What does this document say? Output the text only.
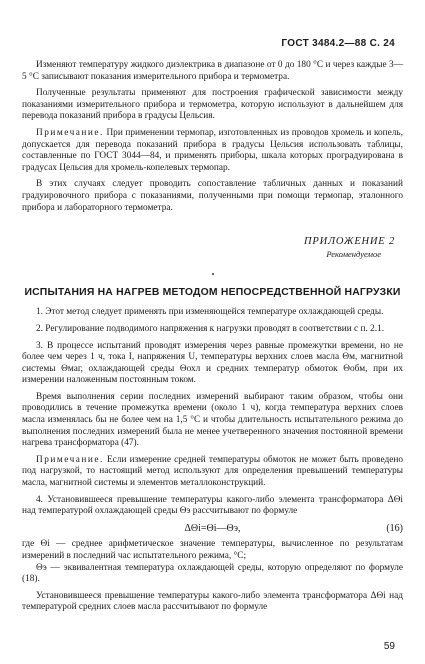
ГОСТ 3484.2—88 С. 24

Изменяют температуру жидкого диэлектрика в диапазоне от 0 до 180 °С и через каждые 3—5 °С записывают показания измерительного прибора и термометра.

Полученные результаты применяют для построения графической зависимости между показаниями измерительного прибора и термометра, которую используют в дальнейшем для перевода показаний прибора в градусы Цельсия.

Примечание. При применении термопар, изготовленных из проводов хромель и копель, допускается для перевода показаний прибора в градусы Цельсия использовать таблицы, составленные по ГОСТ 3044—84, и применять приборы, шкала которых проградуирована в градусах Цельсия для хромель-копелевых термопар.

В этих случаях следует проводить сопоставление табличных данных и показаний градуировочного прибора с показаниями, полученными при помощи термопар, эталонного прибора и лабораторного термометра.

ПРИЛОЖЕНИЕ 2
Рекомендуемое
ИСПЫТАНИЯ НА НАГРЕВ МЕТОДОМ НЕПОСРЕДСТВЕННОЙ НАГРУЗКИ

1. Этот метод следует применять при изменяющейся температуре охлаждающей среды.

2. Регулирование подводимого напряжения к нагрузки проводят в соответствии с п. 2.1.

3. В процессе испытаний проводят измерения через равные промежутки времени, но не более чем через 1 ч, тока I, напряжения U, температуры верхних слоев масла Θм, магнитной системы Θмаг, охлаждающей среды Θохл и средних температур обмоток Θобм, при их измерении наложенным постоянным током.

Время выполнения серии последних измерений выбирают таким образом, чтобы они проводились в течение промежутка времени (около 1 ч), когда температура верхних слоев масла изменялась бы не более чем на 1,5 °С и чтобы длительность испытательного режима до выполнения последних измерений была не менее учетверенного значения постоянной времени нагрева трансформатора (47).

Примечание. Если измерение средней температуры обмоток не может быть проведено под нагрузкой, то настоящий метод используют для определения превышений температуры масла, магнитной системы и элементов металлоконструкций.

4. Установившееся превышение температуры какого-либо элемента трансформатора ΔΘi над температурой охлаждающей среды Θэ рассчитывают по формуле

ΔΘi=Θi—Θэ,	(16)

где Θi — среднее арифметическое значение температуры, вычисленное по результатам измерений в последний час испытательного режима, °С;

Θэ — эквивалентная температура охлаждающей среды, которую определяют по формуле (18).

Установившееся превышение температуры какого-либо элемента трансформатора ΔΘi над температурой средних слоев масла рассчитывают по формуле

59
